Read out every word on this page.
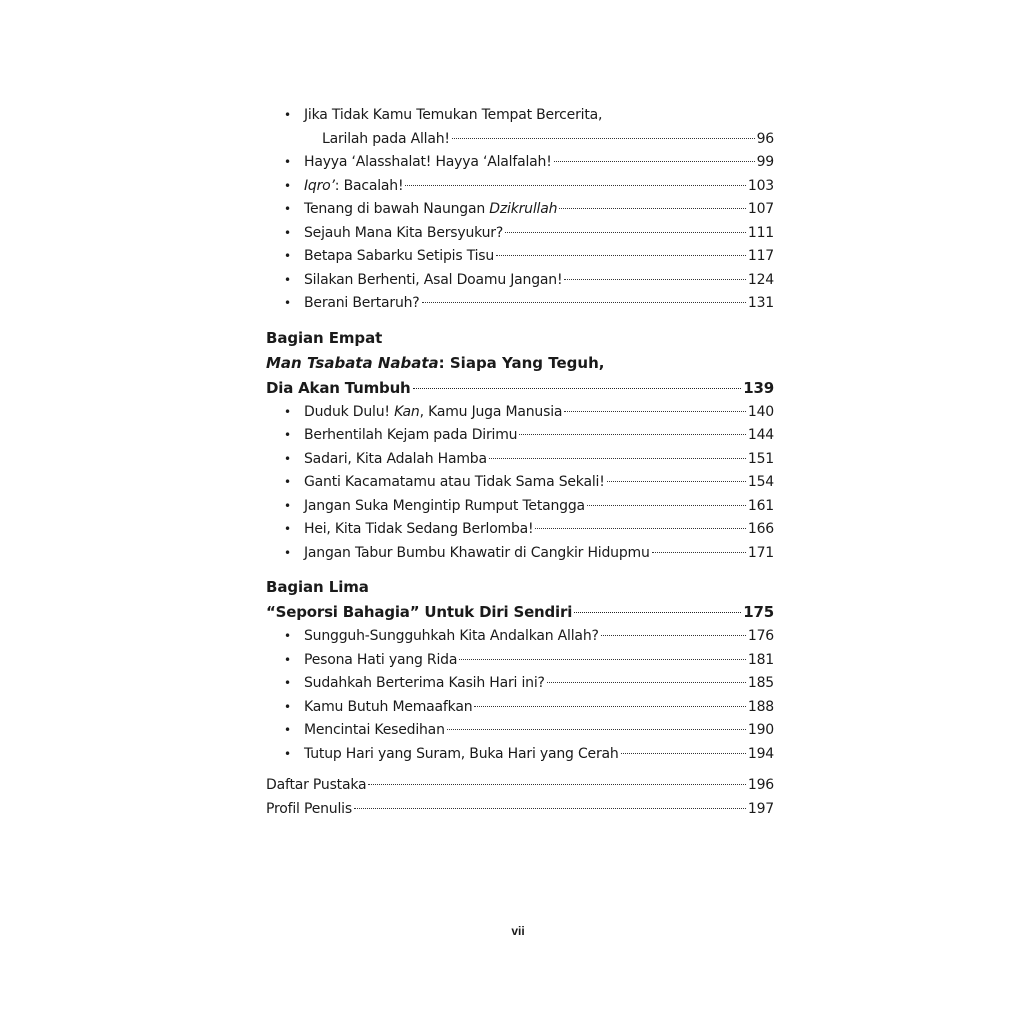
• Jika Tidak Kamu Temukan Tempat Bercerita,
Larilah pada Allah!	96
• Hayya ‘Alasshalat! Hayya ‘Alalfalah!	99
• Iqro’: Bacalah!	103
• Tenang di bawah Naungan Dzikrullah	107
• Sejauh Mana Kita Bersyukur?	111
• Betapa Sabarku Setipis Tisu	117
• Silakan Berhenti, Asal Doamu Jangan!	124
• Berani Bertaruh?	131
Bagian Empat
Man Tsabata Nabata: Siapa Yang Teguh,
Dia Akan Tumbuh	139
• Duduk Dulu! Kan, Kamu Juga Manusia	140
• Berhentilah Kejam pada Dirimu	144
• Sadari, Kita Adalah Hamba	151
• Ganti Kacamatamu atau Tidak Sama Sekali!	154
• Jangan Suka Mengintip Rumput Tetangga	161
• Hei, Kita Tidak Sedang Berlomba!	166
• Jangan Tabur Bumbu Khawatir di Cangkir Hidupmu	171
Bagian Lima
“Seporsi Bahagia” Untuk Diri Sendiri	175
• Sungguh-Sungguhkah Kita Andalkan Allah?	176
• Pesona Hati yang Rida	181
• Sudahkah Berterima Kasih Hari ini?	185
• Kamu Butuh Memaafkan	188
• Mencintai Kesedihan	190
• Tutup Hari yang Suram, Buka Hari yang Cerah	194
Daftar Pustaka	196
Profil Penulis	197
vii
